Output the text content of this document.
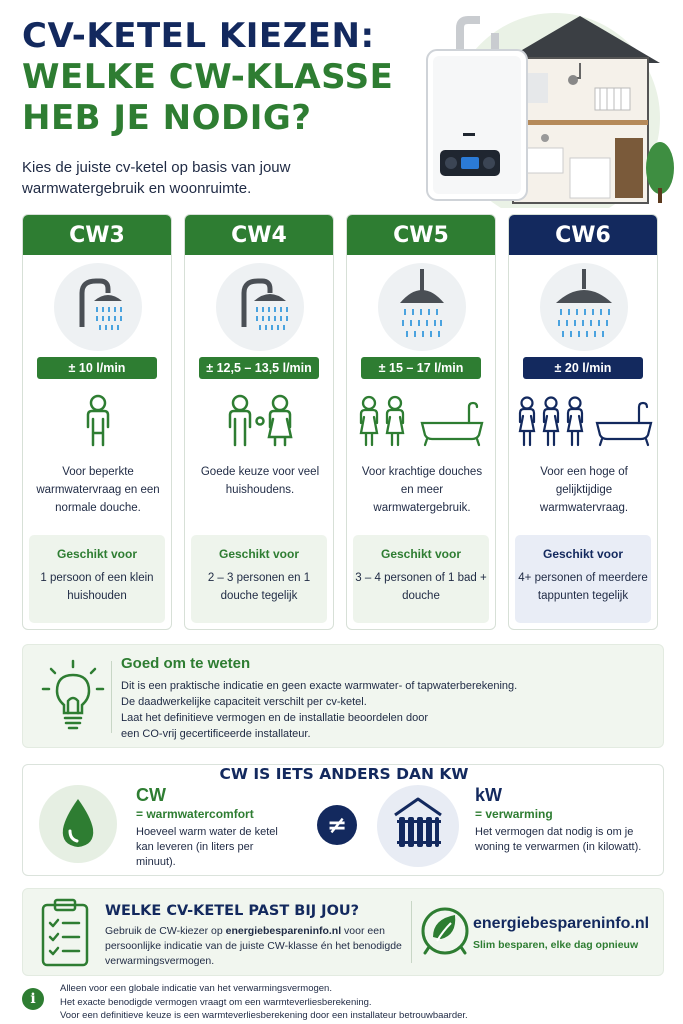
CV-KETEL KIEZEN:
WELKE CW-KLASSE
HEB JE NODIG?
Kies de juiste cv-ketel op basis van jouw warmwatergebruik en woonruimte.
CW3
± 10 l/min
Voor beperkte warmwatervraag en een normale douche.
Geschikt voor
1 persoon of een klein huishouden
CW4
± 12,5 – 13,5 l/min
Goede keuze voor veel huishoudens.
Geschikt voor
2 – 3 personen en 1 douche tegelijk
CW5
± 15 – 17 l/min
Voor krachtige douches en meer warmwatergebruik.
Geschikt voor
3 – 4 personen of 1 bad + douche
CW6
± 20 l/min
Voor een hoge of gelijktijdige warmwatervraag.
Geschikt voor
4+ personen of meerdere tappunten tegelijk
Goed om te weten
Dit is een praktische indicatie en geen exacte warmwater- of tapwaterberekening.
De daadwerkelijke capaciteit verschilt per cv-ketel.
Laat het definitieve vermogen en de installatie beoordelen door
een CO-vrij gecertificeerde installateur.
CW IS IETS ANDERS DAN KW
CW
= warmwatercomfort
Hoeveel warm water de ketel kan leveren (in liters per minuut).
≠
kW
= verwarming
Het vermogen dat nodig is om je woning te verwarmen (in kilowatt).
WELKE CV-KETEL PAST BIJ JOU?
Gebruik de CW-kiezer op energiebespareninfo.nl voor een persoonlijke indicatie van de juiste CW-klasse én het benodigde verwarmingsvermogen.
energiebespareninfo.nl
Slim besparen, elke dag opnieuw
i
Alleen voor een globale indicatie van het verwarmingsvermogen.
Het exacte benodigde vermogen vraagt om een warmteverliesberekening.
Voor een definitieve keuze is een warmteverliesberekening door een installateur betrouwbaarder.
